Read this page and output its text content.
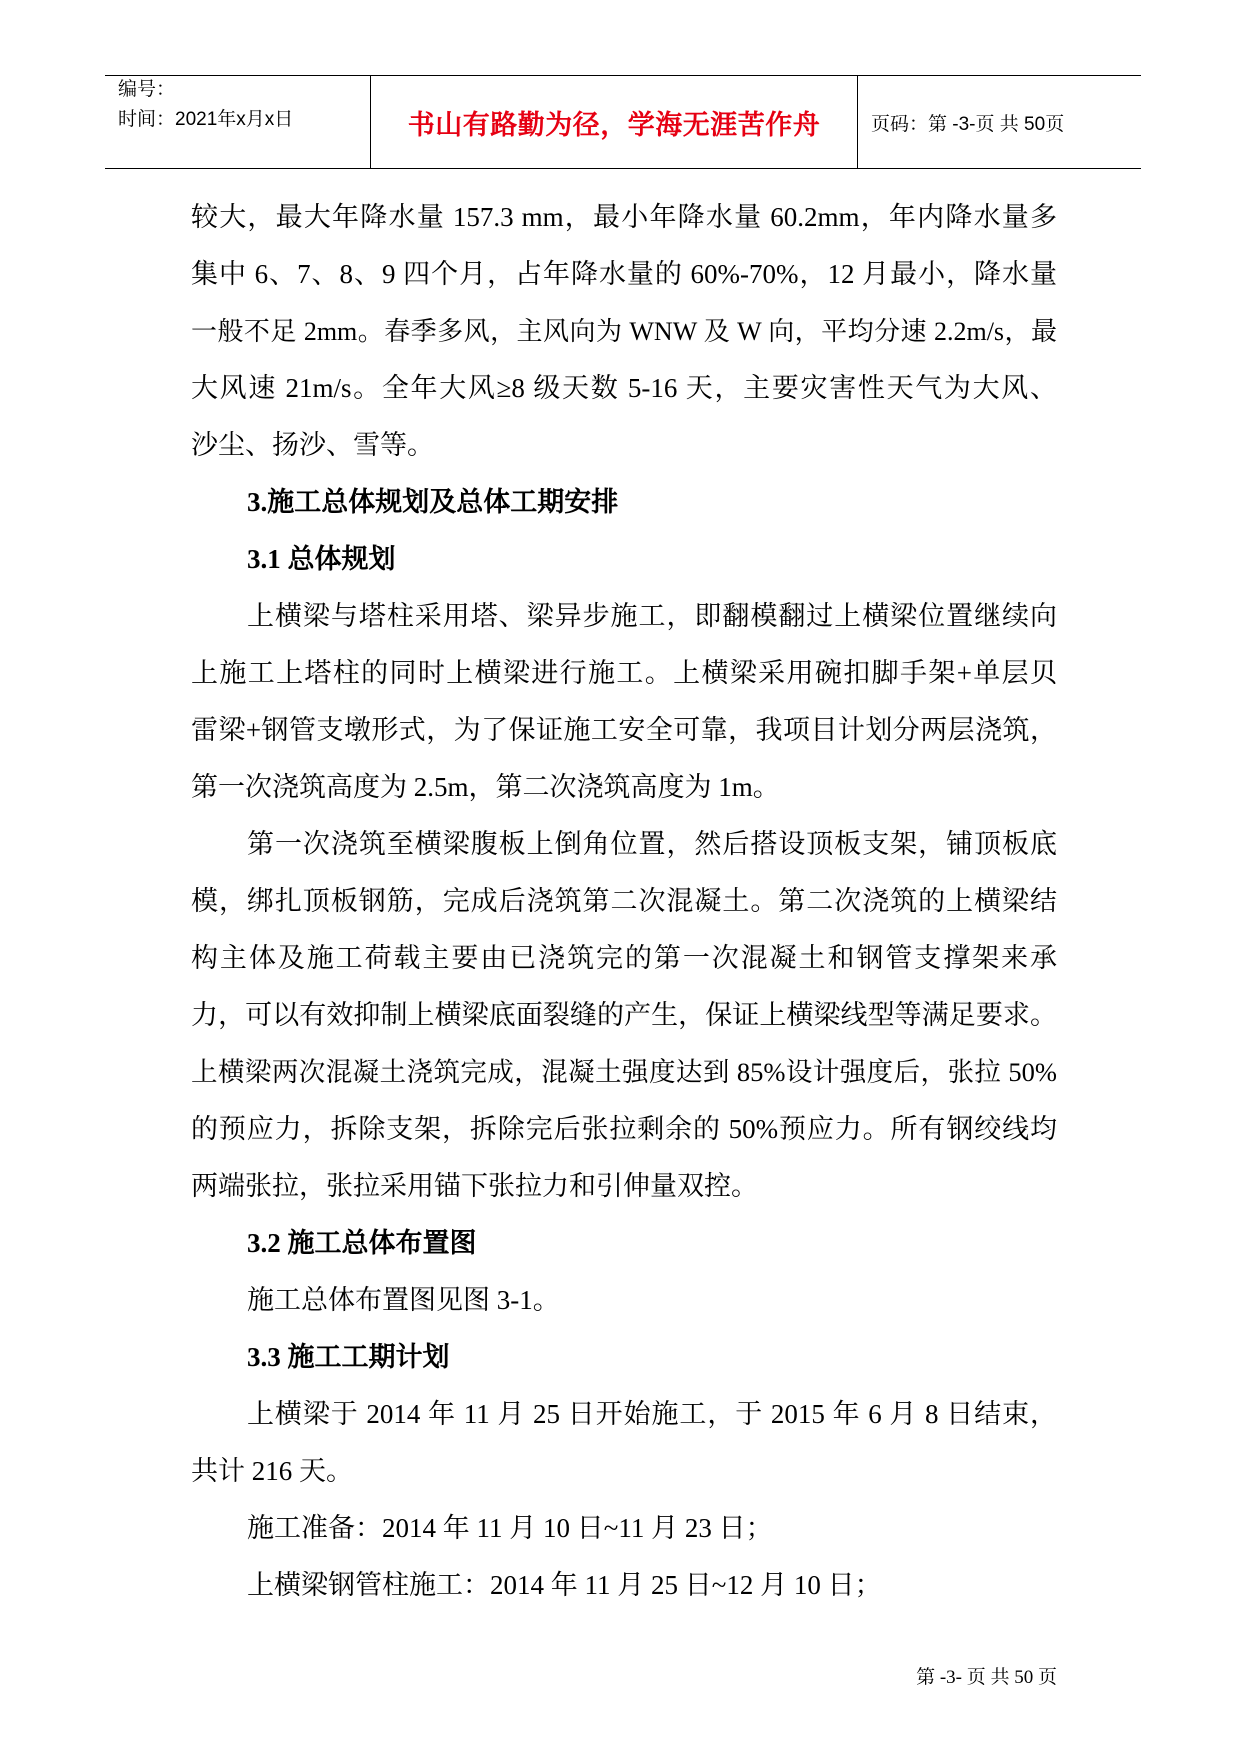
编号：
时间：2021年x月x日	书山有路勤为径，学海无涯苦作舟	页码：第 -3-页 共 50页
较大，最大年降水量 157.3 mm，最小年降水量 60.2mm，年内降水量多
集中 6、7、8、9 四个月，占年降水量的 60%-70%，12 月最小，降水量
一般不足 2mm。春季多风，主风向为 WNW 及 W 向，平均分速 2.2m/s，最
大风速 21m/s。全年大风≥8 级天数 5-16 天，主要灾害性天气为大风、
沙尘、扬沙、雪等。
3.施工总体规划及总体工期安排
3.1 总体规划
上横梁与塔柱采用塔、梁异步施工，即翻模翻过上横梁位置继续向
上施工上塔柱的同时上横梁进行施工。上横梁采用碗扣脚手架+单层贝
雷梁+钢管支墩形式，为了保证施工安全可靠，我项目计划分两层浇筑，
第一次浇筑高度为 2.5m，第二次浇筑高度为 1m。
第一次浇筑至横梁腹板上倒角位置，然后搭设顶板支架，铺顶板底
模，绑扎顶板钢筋，完成后浇筑第二次混凝土。第二次浇筑的上横梁结
构主体及施工荷载主要由已浇筑完的第一次混凝土和钢管支撑架来承
力，可以有效抑制上横梁底面裂缝的产生，保证上横梁线型等满足要求。
上横梁两次混凝土浇筑完成，混凝土强度达到 85%设计强度后，张拉 50%
的预应力，拆除支架，拆除完后张拉剩余的 50%预应力。所有钢绞线均
两端张拉，张拉采用锚下张拉力和引伸量双控。
3.2 施工总体布置图
施工总体布置图见图 3-1。
3.3 施工工期计划
上横梁于 2014 年 11 月 25 日开始施工，于 2015 年 6 月 8 日结束，
共计 216 天。
施工准备：2014 年 11 月 10 日~11 月 23 日；
上横梁钢管柱施工：2014 年 11 月 25 日~12 月 10 日；
第 -3- 页 共 50 页
